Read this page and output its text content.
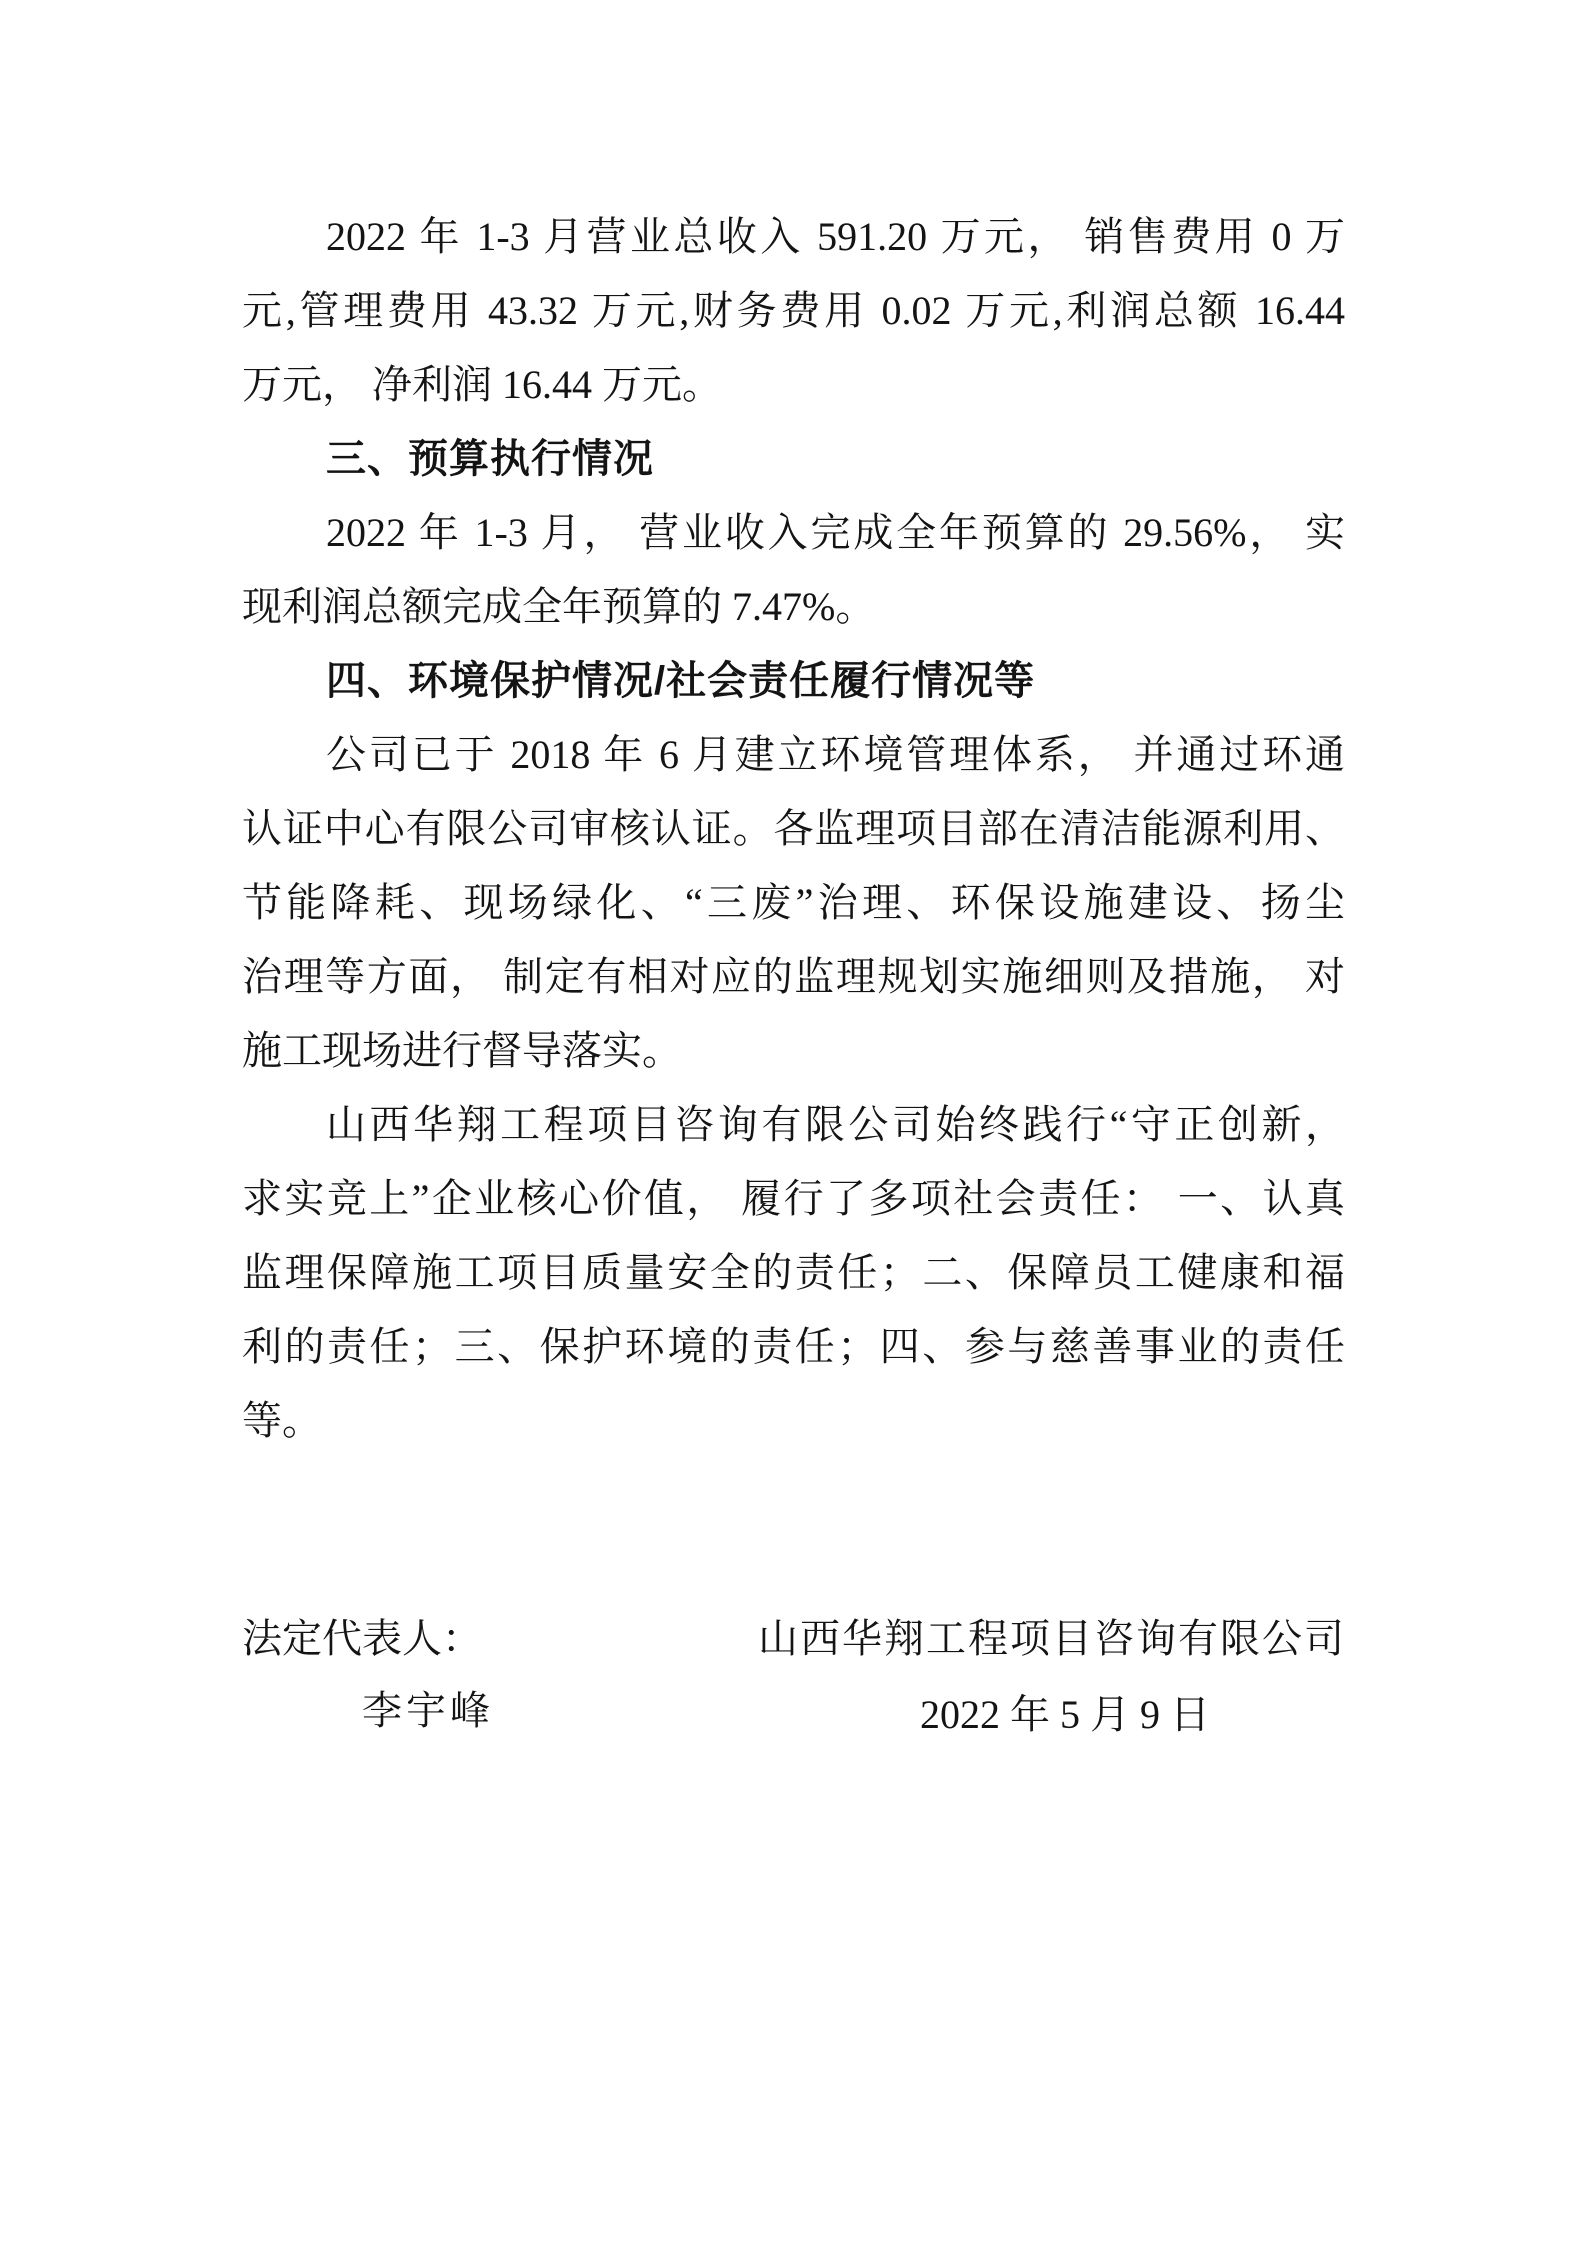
2022 年 1-3 月营业总收入 591.20 万元， 销售费用 0 万
元,管理费用 43.32 万元,财务费用 0.02 万元,利润总额 16.44
万元， 净利润 16.44 万元。
三、预算执行情况
2022 年 1-3 月， 营业收入完成全年预算的 29.56%， 实
现利润总额完成全年预算的 7.47%。
四、环境保护情况/社会责任履行情况等
公司已于 2018 年 6 月建立环境管理体系， 并通过环通
认证中心有限公司审核认证。各监理项目部在清洁能源利用、
节能降耗、现场绿化、“三废”治理、环保设施建设、扬尘
治理等方面， 制定有相对应的监理规划实施细则及措施， 对
施工现场进行督导落实。
山西华翔工程项目咨询有限公司始终践行“守正创新，
求实竞上”企业核心价值， 履行了多项社会责任： 一、认真
监理保障施工项目质量安全的责任；二、保障员工健康和福
利的责任；三、保护环境的责任；四、参与慈善事业的责任
等。
法定代表人：	山西华翔工程项目咨询有限公司
李宇峰	2022 年 5 月 9 日
